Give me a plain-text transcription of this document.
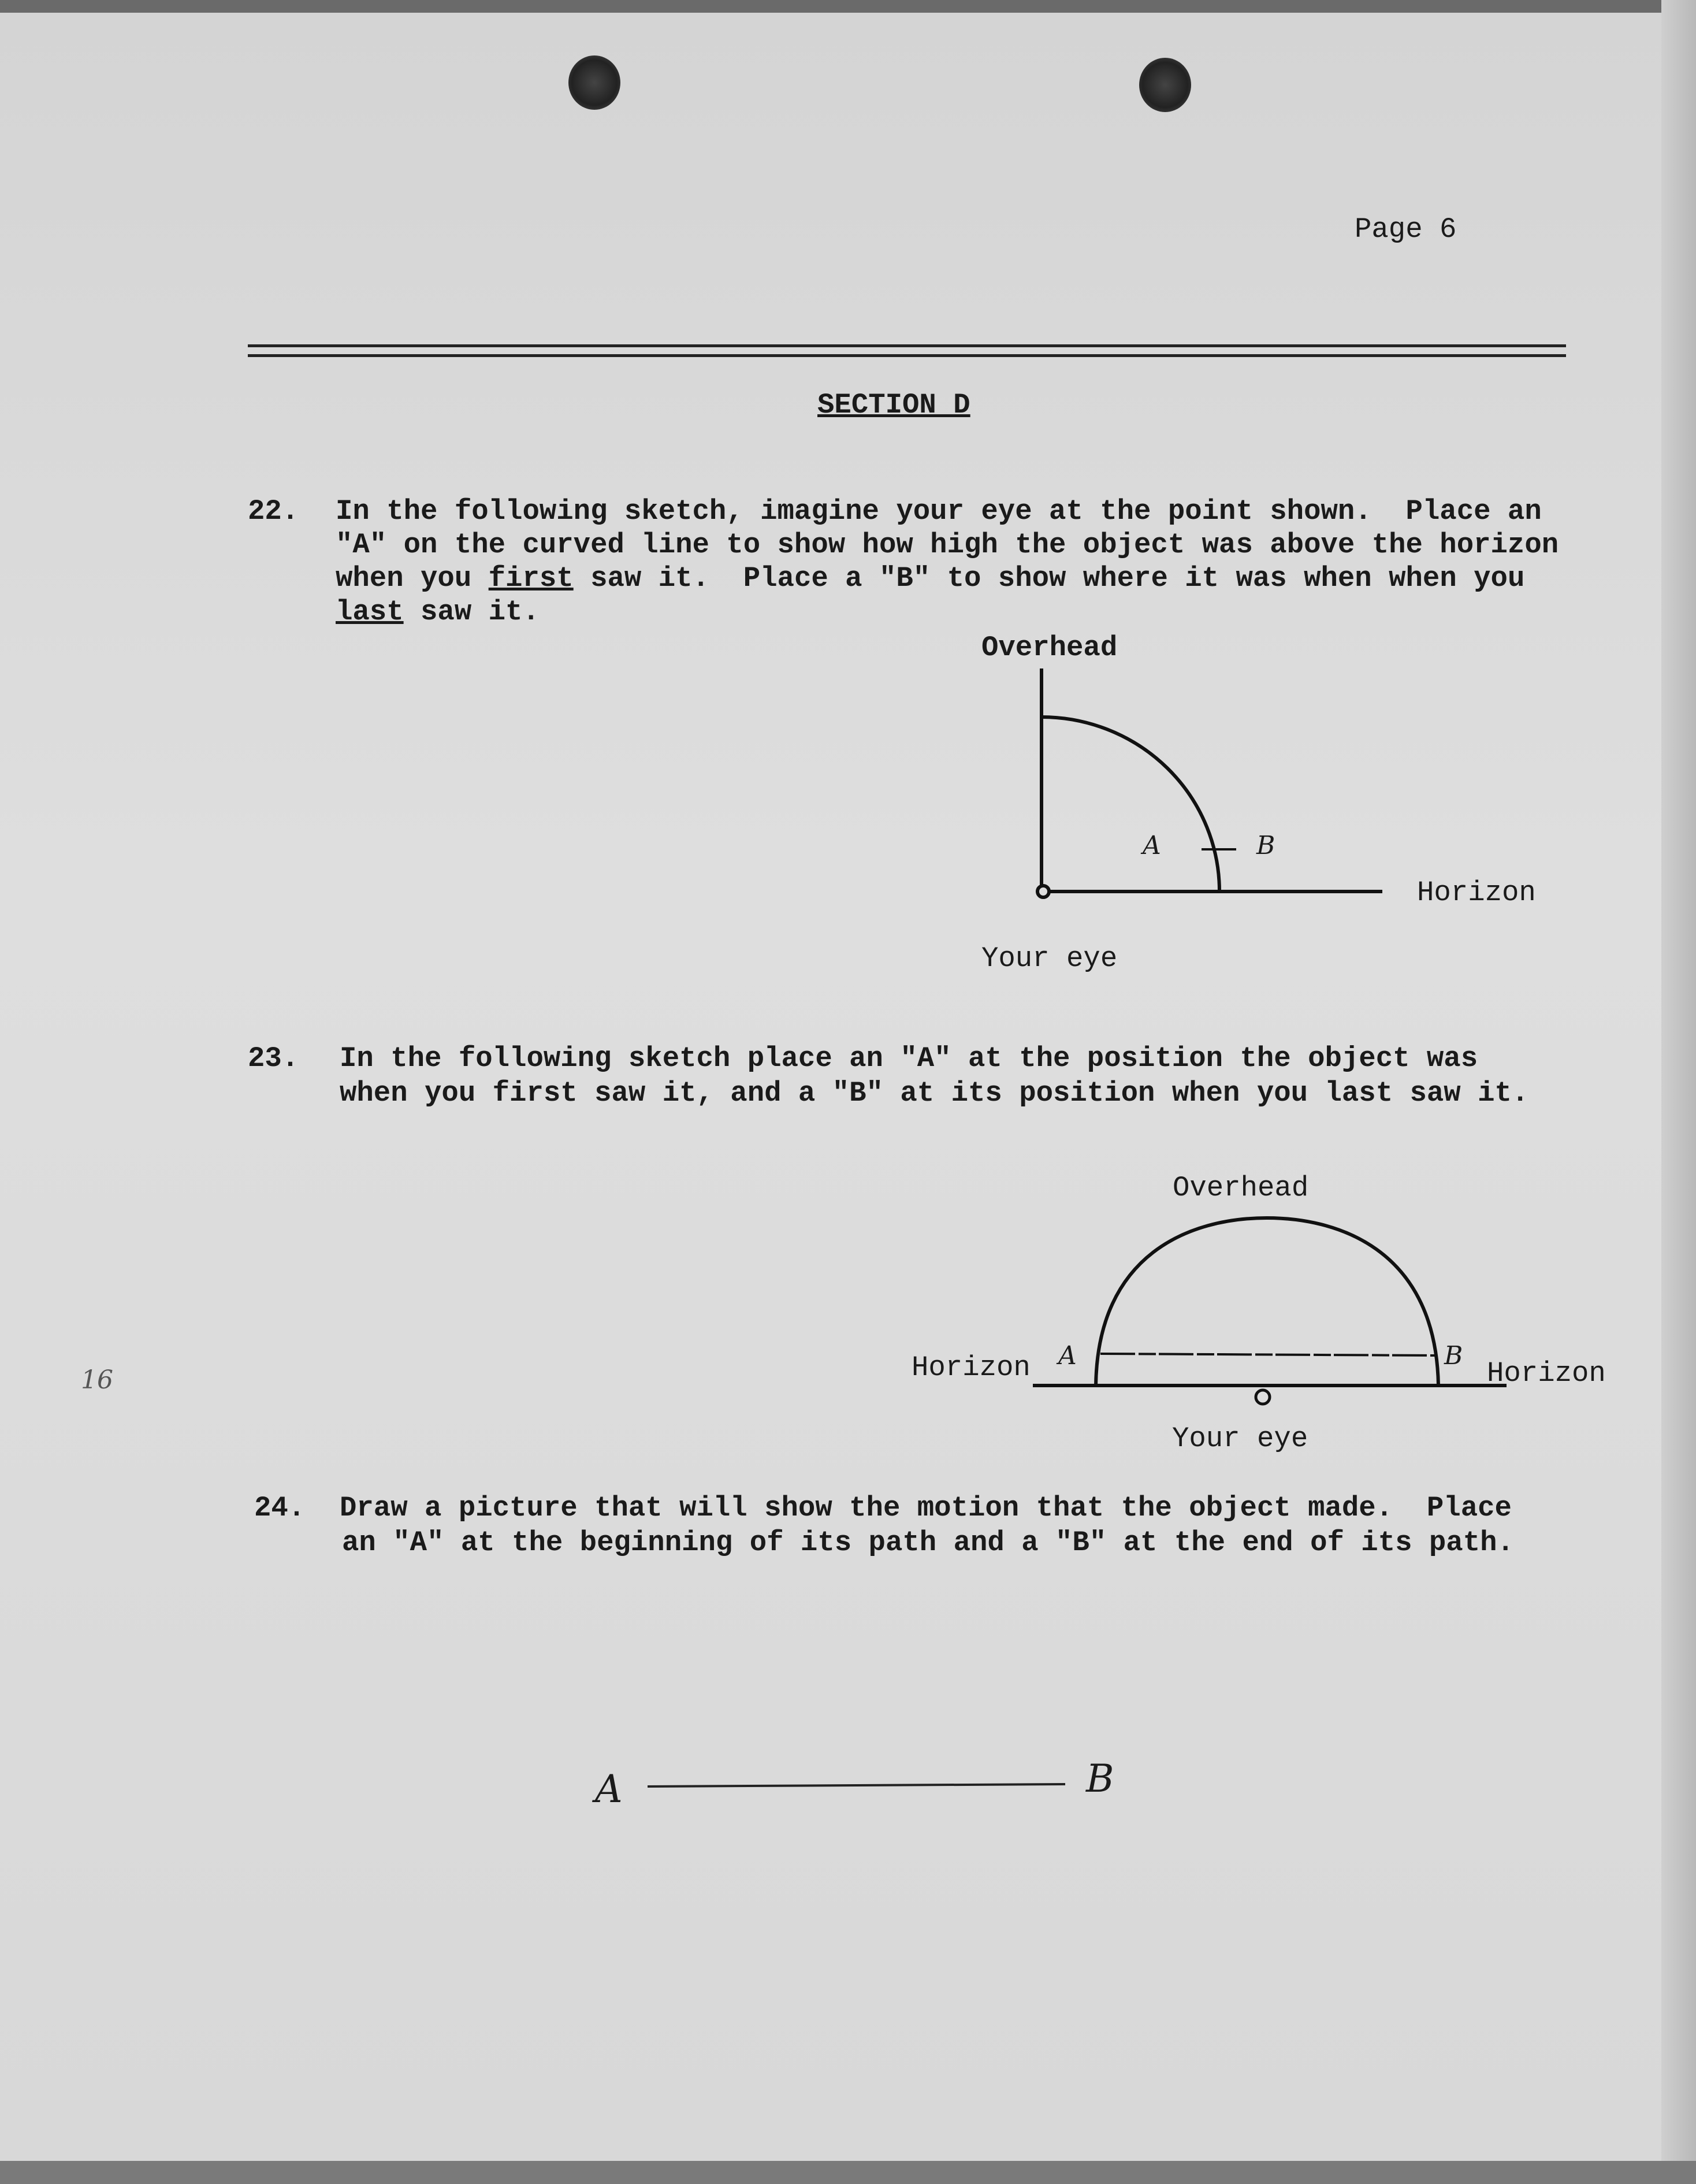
Page 6
SECTION D
22. In the following sketch, imagine your eye at the point shown.  Place an
"A" on the curved line to show how high the object was above the horizon
when you first saw it.  Place a "B" to show where it was when when you
last saw it.
Overhead
Horizon
Your eye
A	B
23. In the following sketch place an "A" at the position the object was
when you first saw it, and a "B" at its position when you last saw it.
Overhead
Horizon	Horizon
Your eye
A	B
24. Draw a picture that will show the motion that the object made.  Place
an "A" at the beginning of its path and a "B" at the end of its path.
A	B
16
